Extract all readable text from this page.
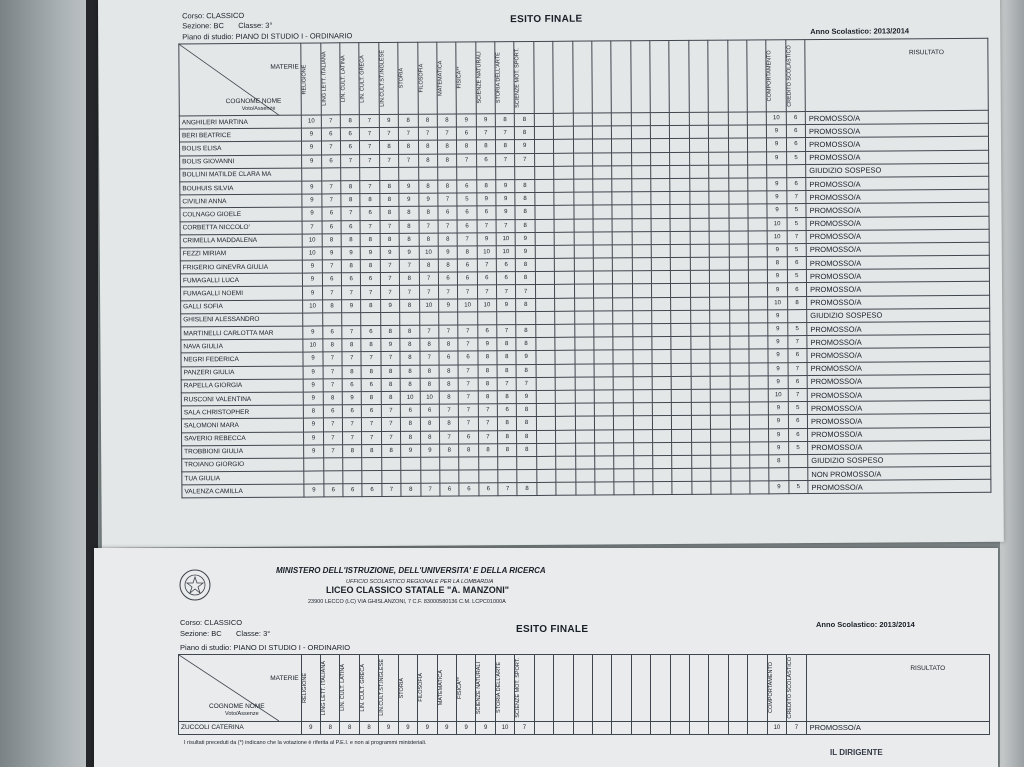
Corso: CLASSICO
Sezione: BC Classe: 3°
Piano di studio: PIANO DI STUDIO I - ORDINARIO
ESITO FINALE
Anno Scolastico: 2013/2014
MATERIE
COGNOME NOME
Voto/Assenze	RELIGIONE	LING LETT. ITALIANA	LIN. CULT. LATINA	LIN. CULT. GRECA	LIN.CULT.ST.INGLESE	STORIA	FILOSOFIA	MATEMATICA	FISICA**	SCIENZE NATURALI	STORIA DELL'ARTE	SCIENZE MOT. SPORT.													COMPORTAMENTO	CREDITO SCOLASTICO	RISULTATO

ANGHILERI MARTINA	10	7	8	7	9	8	8	8	9	9	8	8													10	6	PROMOSSO/A
BERI BEATRICE	9	6	6	7	7	7	7	7	6	7	7	8													9	6	PROMOSSO/A
BOLIS ELISA	9	7	6	7	8	8	8	8	8	8	8	9													9	6	PROMOSSO/A
BOLIS GIOVANNI	9	6	7	7	7	7	8	8	7	6	7	7													9	5	PROMOSSO/A
BOLLINI MATILDE CLARA MA																											GIUDIZIO SOSPESO
BOUHUIS SILVIA	9	7	8	7	8	9	8	8	6	8	9	8													9	6	PROMOSSO/A
CIVILINI ANNA	9	7	8	8	8	9	9	7	5	9	9	8													9	7	PROMOSSO/A
COLNAGO GIOELE	9	6	7	6	8	8	8	6	6	6	9	8													9	5	PROMOSSO/A
CORBETTA NICCOLO'	7	6	6	7	7	8	7	7	6	7	7	8													10	5	PROMOSSO/A
CRIMELLA MADDALENA	10	8	8	8	8	8	8	8	7	9	10	9													10	7	PROMOSSO/A
FEZZI MIRIAM	10	9	9	9	9	9	10	9	8	10	10	9													9	5	PROMOSSO/A
FRIGERIO GINEVRA GIULIA	9	7	8	8	7	7	8	8	6	7	6	8													8	6	PROMOSSO/A
FUMAGALLI LUCA	9	6	6	6	7	8	7	6	6	6	6	8													9	5	PROMOSSO/A
FUMAGALLI NOEMI	9	7	7	7	7	7	7	7	7	7	7	7													9	6	PROMOSSO/A
GALLI SOFIA	10	8	9	8	9	8	10	9	10	10	9	8													10	8	PROMOSSO/A
GHISLENI ALESSANDRO																									9		GIUDIZIO SOSPESO
MARTINELLI CARLOTTA MAR	9	6	7	6	8	8	7	7	7	6	7	8													9	5	PROMOSSO/A
NAVA GIULIA	10	8	8	8	9	8	8	8	7	9	8	8													9	7	PROMOSSO/A
NEGRI FEDERICA	9	7	7	7	7	8	7	6	6	8	8	9													9	6	PROMOSSO/A
PANZERI GIULIA	9	7	8	8	8	8	8	8	7	8	8	8													9	7	PROMOSSO/A
RAPELLA GIORGIA	9	7	6	6	8	8	8	8	7	8	7	7													9	6	PROMOSSO/A
RUSCONI VALENTINA	9	8	9	8	8	10	10	8	7	8	8	9													10	7	PROMOSSO/A
SALA CHRISTOPHER	8	6	6	6	7	6	6	7	7	7	6	8													9	5	PROMOSSO/A
SALOMONI MARA	9	7	7	7	7	8	8	8	7	7	8	8													9	6	PROMOSSO/A
SAVERIO REBECCA	9	7	7	7	7	8	8	7	6	7	8	8													9	6	PROMOSSO/A
TROBBIONI GIULIA	9	7	8	8	8	9	9	8	8	8	8	8													9	5	PROMOSSO/A
TROIANO GIORGIO																									8		GIUDIZIO SOSPESO
TUA GIULIA																											NON PROMOSSO/A
VALENZA CAMILLA	9	6	6	6	7	8	7	6	6	6	7	8													9	5	PROMOSSO/A
MINISTERO DELL'ISTRUZIONE, DELL'UNIVERSITA' E DELLA RICERCA
UFFICIO SCOLASTICO REGIONALE PER LA LOMBARDIA
LICEO CLASSICO STATALE "A. MANZONI"
23900 LECCO (LC) VIA GHISLANZONI, 7 C.F. 83000580136 C.M. LCPC01000A
Corso: CLASSICO
Sezione: BC Classe: 3°
Piano di studio: PIANO DI STUDIO I - ORDINARIO
ESITO FINALE	Anno Scolastico: 2013/2014
MATERIE
COGNOME NOME
Voto/Assenze	RELIGIONE	LING LETT. ITALIANA	LIN. CULT. LATINA	LIN. CULT. GRECA	LIN.CULT.ST.INGLESE	STORIA	FILOSOFIA	MATEMATICA	FISICA**	SCIENZE NATURALI	STORIA DELL'ARTE	SCIENZE MOT. SPORT.													COMPORTAMENTO	CREDITO SCOLASTICO	RISULTATO

ZUCCOLI CATERINA	9	8	8	8	9	9	9	9	9	9	10	7													10	7	PROMOSSO/A
I risultati preceduti da (*) indicano che la votazione è riferita al P.E.I. e non ai programmi ministeriali.
IL DIRIGENTE
